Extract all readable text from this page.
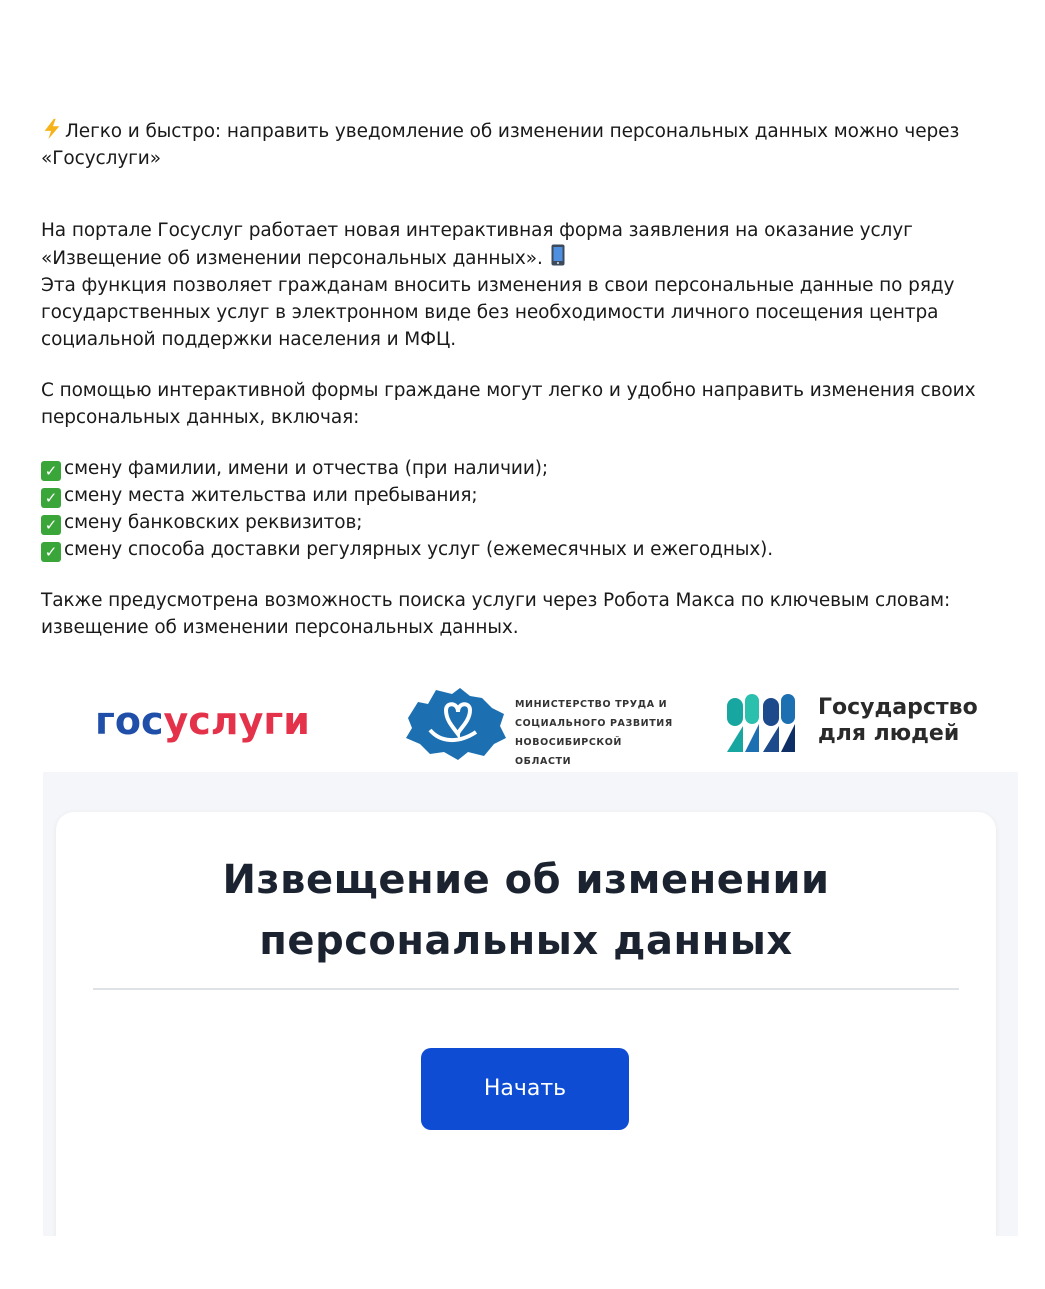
Легко и быстро: направить уведомление об изменении персональных данных можно через «Госуслуги»

На портале Госуслуг работает новая интерактивная форма заявления на оказание услуг «Извещение об изменении персональных данных».

Эта функция позволяет гражданам вносить изменения в свои персональные данные по ряду государственных услуг в электронном виде без необходимости личного посещения центра социальной поддержки населения и МФЦ.

С помощью интерактивной формы граждане могут легко и удобно направить изменения своих персональных данных, включая:

✓ смену фамилии, имени и отчества (при наличии);

✓ смену места жительства или пребывания;

✓ смену банковских реквизитов;

✓ смену способа доставки регулярных услуг (ежемесячных и ежегодных).

Также предусмотрена возможность поиска услуги через Робота Макса по ключевым словам: извещение об изменении персональных данных.

госуслуги	МИНИСТЕРСТВО ТРУДА И
СОЦИАЛЬНОГО РАЗВИТИЯ
НОВОСИБИРСКОЙ ОБЛАСТИ
Государство
для людей
Извещение об изменении
персональных данных
Начать
